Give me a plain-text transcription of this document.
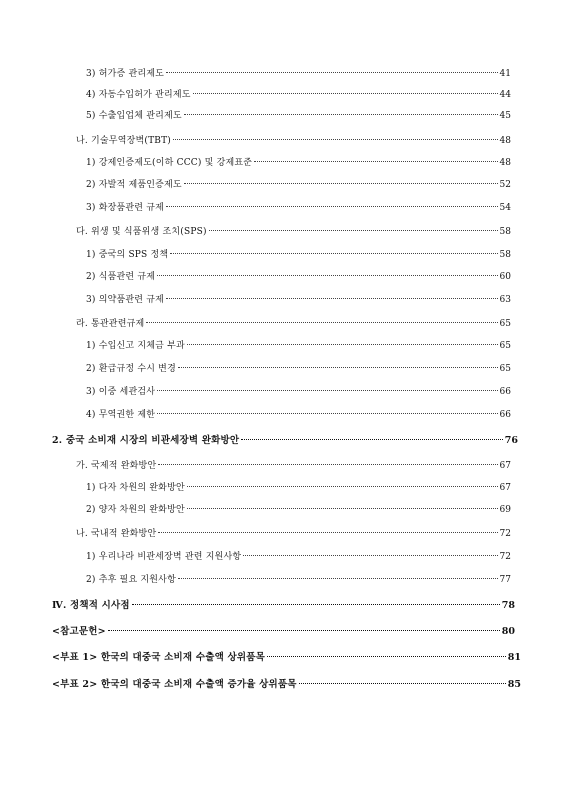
3) 허가증 관리제도	41
4) 자동수입허가 관리제도	44
5) 수출입업체 관리제도	45
나. 기술무역장벽(TBT)	48
1) 강제인증제도(이하 CCC) 및 강제표준	48
2) 자발적 제품인증제도	52
3) 화장품관련 규제	54
다. 위생 및 식품위생 조치(SPS)	58
1) 중국의 SPS 정책	58
2) 식품관련 규제	60
3) 의약품관련 규제	63
라. 통관관련규제	65
1) 수입신고 지체금 부과	65
2) 환급규정 수시 변경	65
3) 이중 세관검사	66
4) 무역권한 제한	66
2. 중국 소비재 시장의 비관세장벽 완화방안	76
가. 국제적 완화방안	67
1) 다자 차원의 완화방안	67
2) 양자 차원의 완화방안	69
나. 국내적 완화방안	72
1) 우리나라 비관세장벽 관련 지원사항	72
2) 추후 필요 지원사항	77
Ⅳ. 정책적 시사점	78
<참고문헌>	80
<부표 1> 한국의 대중국 소비재 수출액 상위품목	81
<부표 2> 한국의 대중국 소비재 수출액 증가율 상위품목	85
